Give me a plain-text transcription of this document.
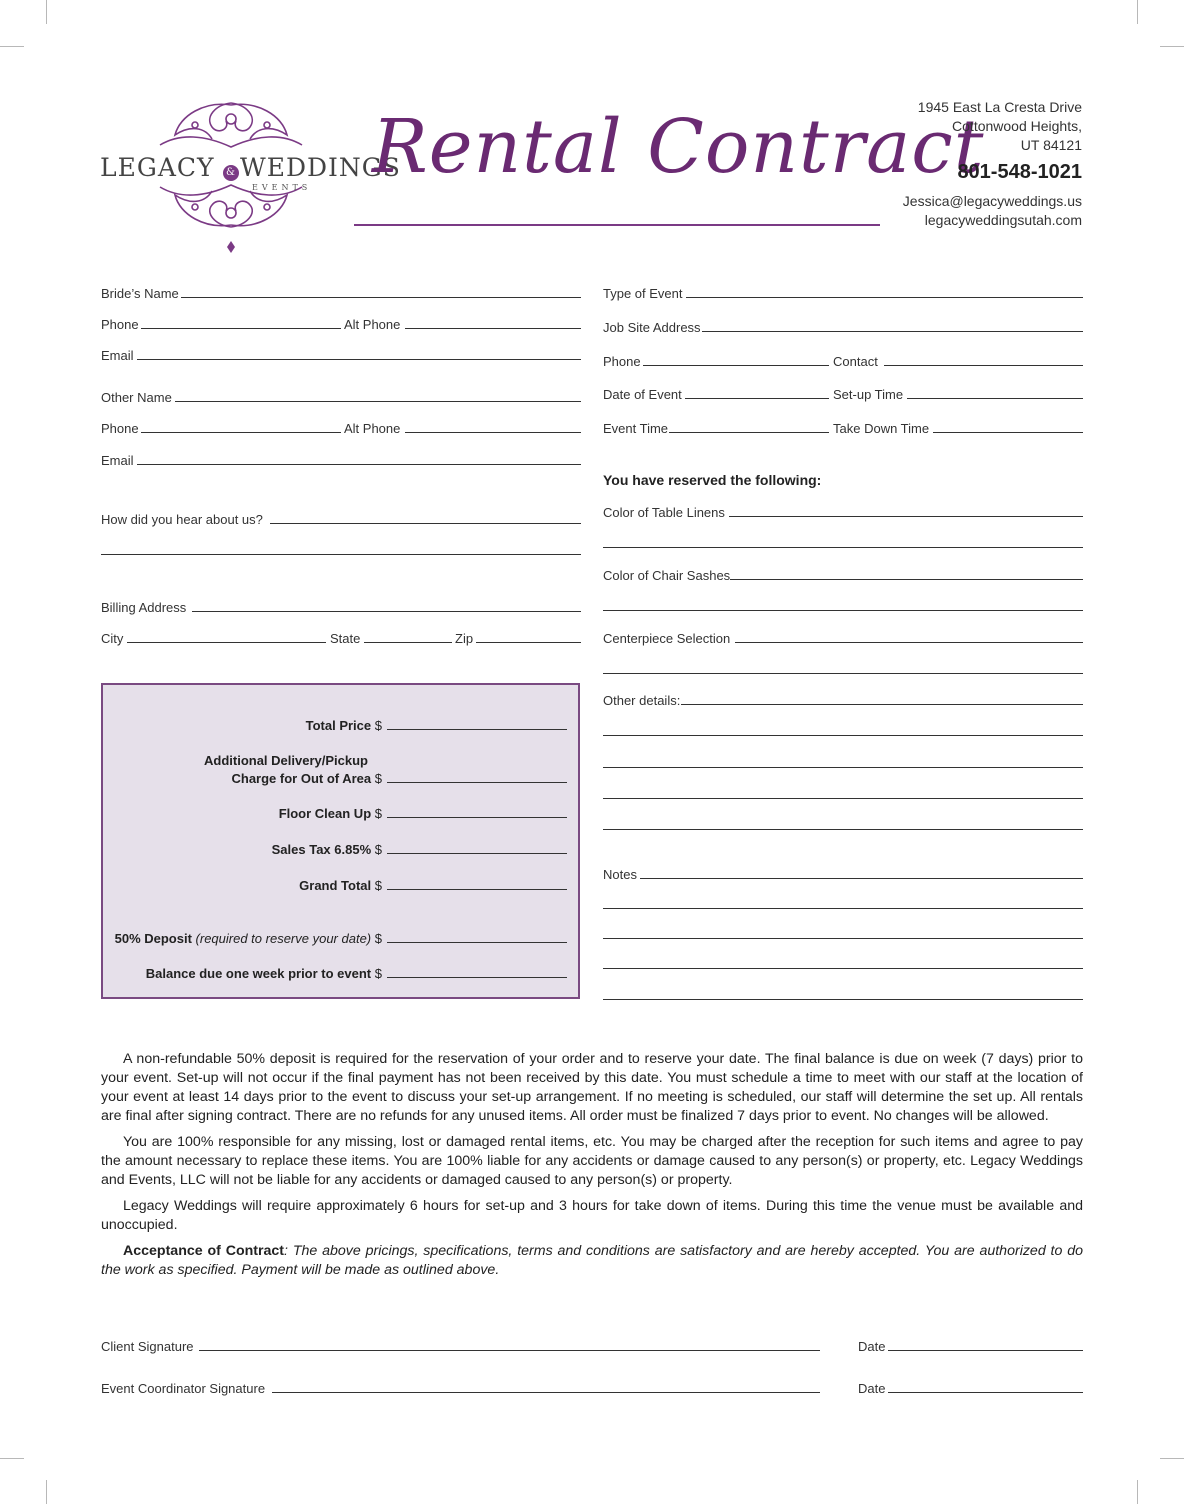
LEGACY & WEDDINGS
EVENTS Rental Contract
1945 East La Cresta Drive
Cottonwood Heights,
UT 84121
801-548-1021
Jessica@legacyweddings.us
legacyweddingsutah.com
Bride’s Name
Phone	Alt Phone
Email
Other Name
Phone	Alt Phone
Email
How did you hear about us?
Billing Address
City	State	Zip
Total Price $
Additional Delivery/Pickup
Charge for Out of Area $
Floor Clean Up $
Sales Tax 6.85% $
Grand Total $
50% Deposit (required to reserve your date) $
Balance due one week prior to event $
Type of Event
Job Site Address
Phone	Contact
Date of Event	Set-up Time
Event Time	Take Down Time
You have reserved the following:
Color of Table Linens
Color of Chair Sashes
Centerpiece Selection
Other details:
Notes

A non-refundable 50% deposit is required for the reservation of your order and to reserve your date. The final balance is due on week (7 days) prior to your event. Set-up will not occur if the final payment has not been received by this date. You must schedule a time to meet with our staff at the location of your event at least 14 days prior to the event to discuss your set-up arrangement. If no meeting is scheduled, our staff will determine the set up. All rentals are final after signing contract. There are no refunds for any unused items. All order must be finalized 7 days prior to event. No changes will be allowed.

You are 100% responsible for any missing, lost or damaged rental items, etc. You may be charged after the reception for such items and agree to pay the amount necessary to replace these items. You are 100% liable for any accidents or damage caused to any person(s) or property, etc. Legacy Weddings and Events, LLC will not be liable for any accidents or damaged caused to any person(s) or property.

Legacy Weddings will require approximately 6 hours for set-up and 3 hours for take down of items. During this time the venue must be available and unoccupied.

Acceptance of Contract: The above pricings, specifications, terms and conditions are satisfactory and are hereby accepted. You are authorized to do the work as specified. Payment will be made as outlined above.

Client Signature	Date
Event Coordinator Signature	Date
